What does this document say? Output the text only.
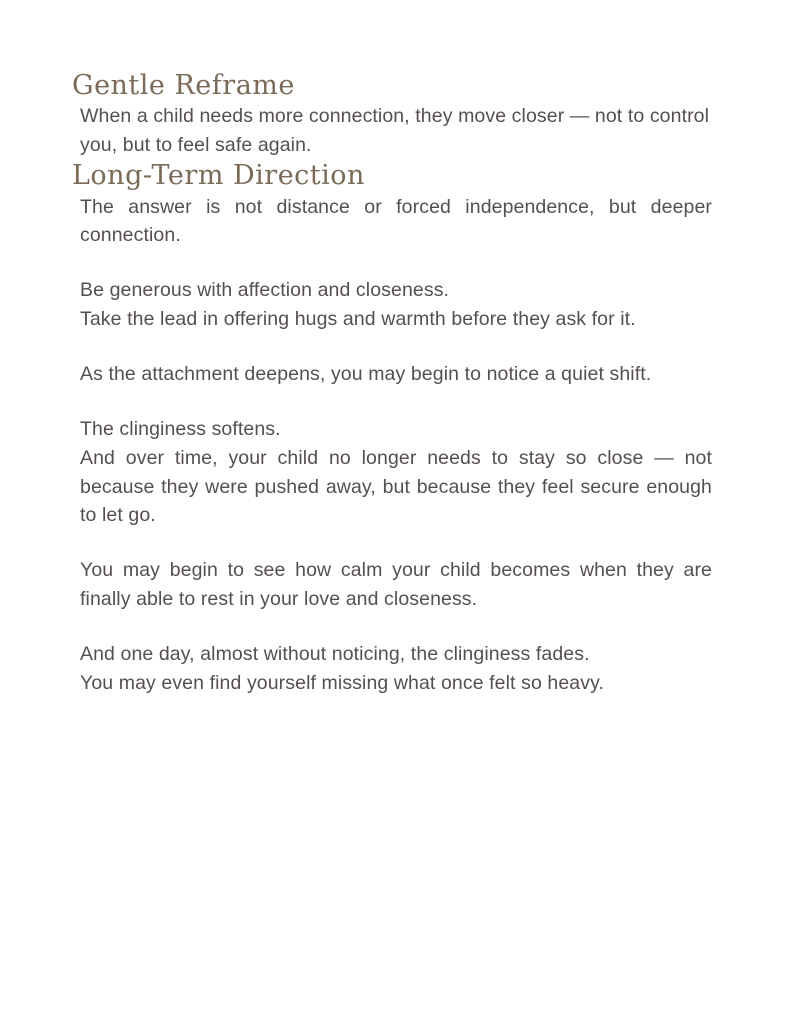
Gentle Reframe

When a child needs more connection, they move closer — not to control you, but to feel safe again.

Long-Term Direction

The answer is not distance or forced independence, but deeper connection.

Be generous with affection and closeness.

Take the lead in offering hugs and warmth before they ask for it.

As the attachment deepens, you may begin to notice a quiet shift.

The clinginess softens.

And over time, your child no longer needs to stay so close — not because they were pushed away, but because they feel secure enough to let go.

You may begin to see how calm your child becomes when they are finally able to rest in your love and closeness.

And one day, almost without noticing, the clinginess fades.

You may even find yourself missing what once felt so heavy.
